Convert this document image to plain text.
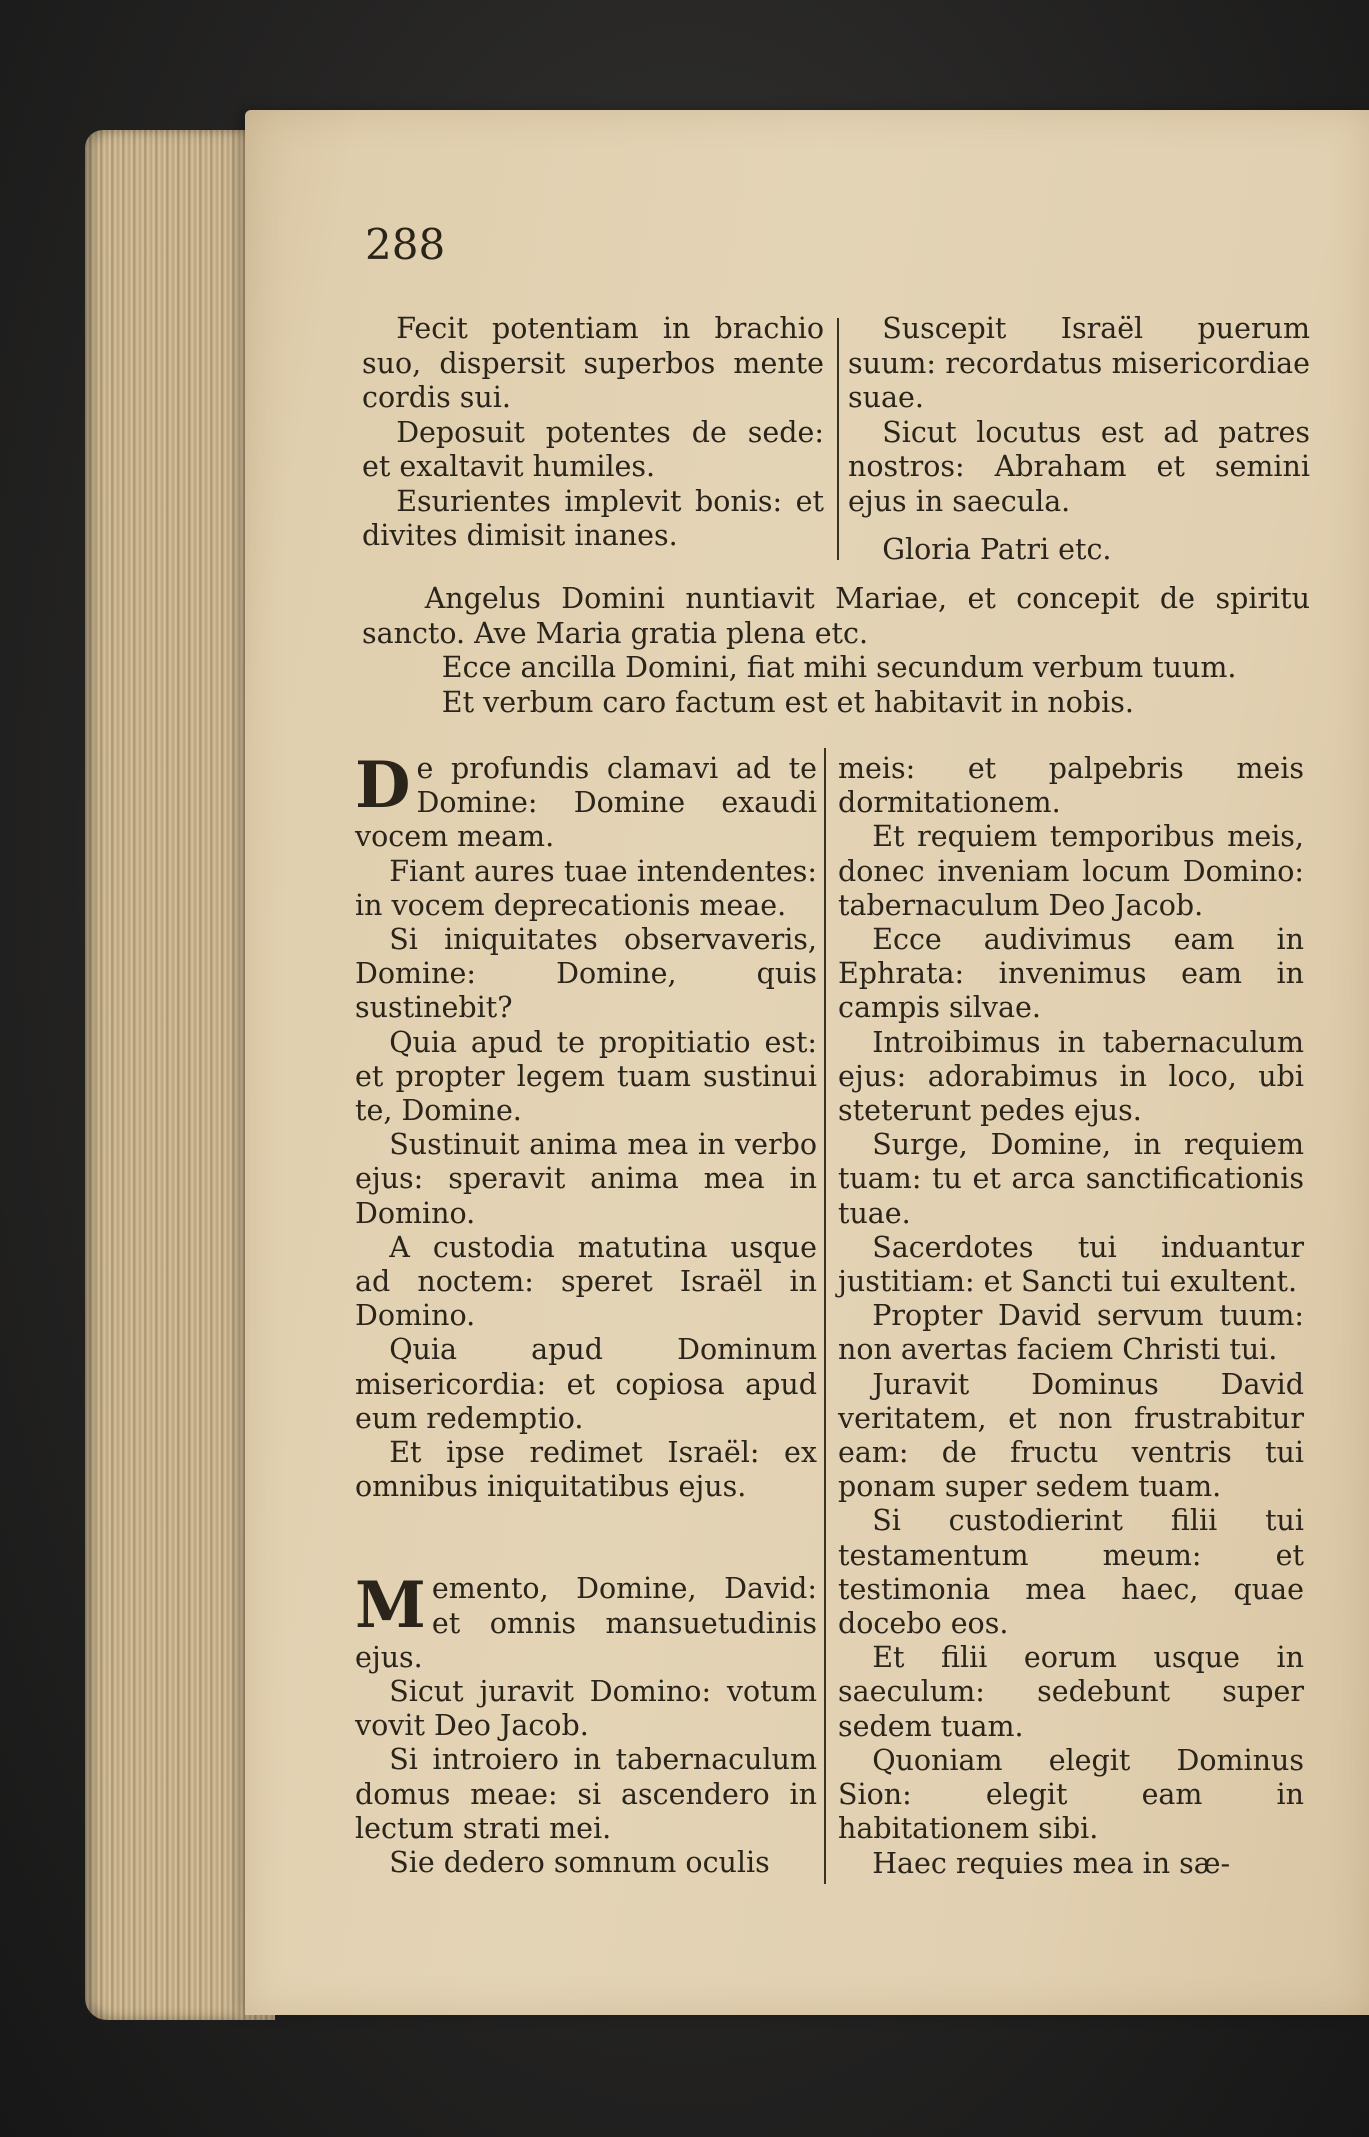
288

Fecit potentiam in brachio suo, dispersit superbos mente cordis sui.

Deposuit potentes de sede: et exaltavit humiles.

Esurientes implevit bonis: et divites dimisit inanes.

Suscepit Israël puerum suum: recordatus misericordiae suae.

Sicut locutus est ad patres nostros: Abraham et semini ejus in saecula.

Gloria Patri etc.

Angelus Domini nuntiavit Mariae, et concepit de spiritu sancto. Ave Maria gratia plena etc.

Ecce ancilla Domini, fiat mihi secundum verbum tuum.

Et verbum caro factum est et habitavit in nobis.

De profundis clamavi ad te Domine: Domine exaudi vocem meam.

Fiant aures tuae intendentes: in vocem deprecationis meae.

Si iniquitates observaveris, Domine: Domine, quis sustinebit?

Quia apud te propitiatio est: et propter legem tuam sustinui te, Domine.

Sustinuit anima mea in verbo ejus: speravit anima mea in Domino.

A custodia matutina usque ad noctem: speret Israël in Domino.

Quia apud Dominum misericordia: et copiosa apud eum redemptio.

Et ipse redimet Israël: ex omnibus iniquitatibus ejus.

Memento, Domine, David: et omnis mansuetudinis ejus.

Sicut juravit Domino: votum vovit Deo Jacob.

Si introiero in tabernaculum domus meae: si ascendero in lectum strati mei.

Sie dedero somnum oculis

meis: et palpebris meis dormitationem.

Et requiem temporibus meis, donec inveniam locum Domino: tabernaculum Deo Jacob.

Ecce audivimus eam in Ephrata: invenimus eam in campis silvae.

Introibimus in tabernaculum ejus: adorabimus in loco, ubi steterunt pedes ejus.

Surge, Domine, in requiem tuam: tu et arca sanctificationis tuae.

Sacerdotes tui induantur justitiam: et Sancti tui exultent.

Propter David servum tuum: non avertas faciem Christi tui.

Juravit Dominus David veritatem, et non frustrabitur eam: de fructu ventris tui ponam super sedem tuam.

Si custodierint filii tui testamentum meum: et testimonia mea haec, quae docebo eos.

Et filii eorum usque in saeculum: sedebunt super sedem tuam.

Quoniam elegit Dominus Sion: elegit eam in habitationem sibi.

Haec requies mea in sæ-
